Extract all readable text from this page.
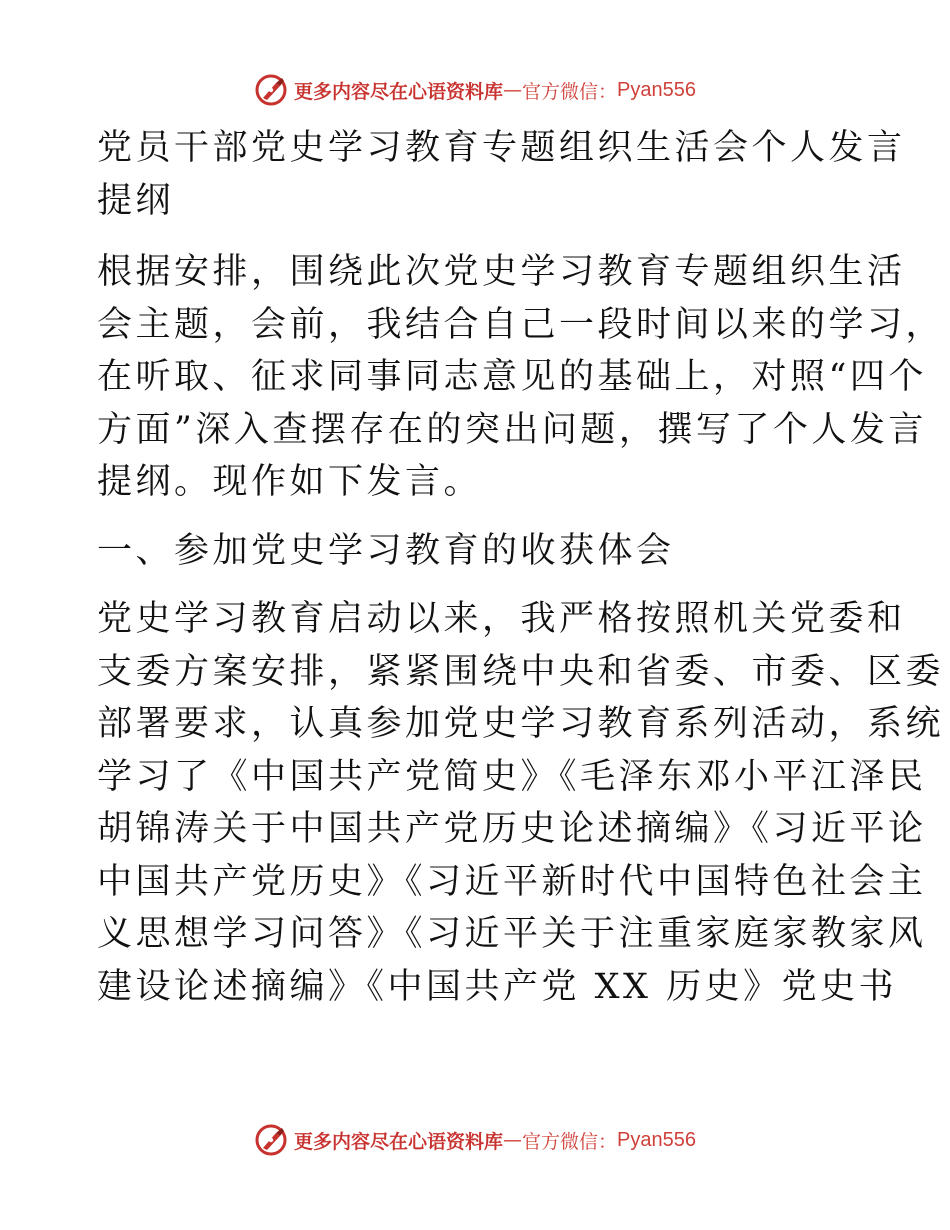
更多内容尽在心语资料库 — 官方微信： Pyan556
党员干部党史学习教育专题组织生活会个人发言
提纲
根据安排，围绕此次党史学习教育专题组织生活
会主题，会前，我结合自己一段时间以来的学习，
在听取、征求同事同志意见的基础上，对照“四个
方面”深入查摆存在的突出问题，撰写了个人发言
提纲。现作如下发言。
一、参加党史学习教育的收获体会
党史学习教育启动以来，我严格按照机关党委和
支委方案安排，紧紧围绕中央和省委、市委、区委
部署要求，认真参加党史学习教育系列活动，系统
学习了《中国共产党简史》《毛泽东邓小平江泽民
胡锦涛关于中国共产党历史论述摘编》《习近平论
中国共产党历史》《习近平新时代中国特色社会主
义思想学习问答》《习近平关于注重家庭家教家风
建设论述摘编》《中国共产党 XX 历史》党史书
更多内容尽在心语资料库 — 官方微信： Pyan556
